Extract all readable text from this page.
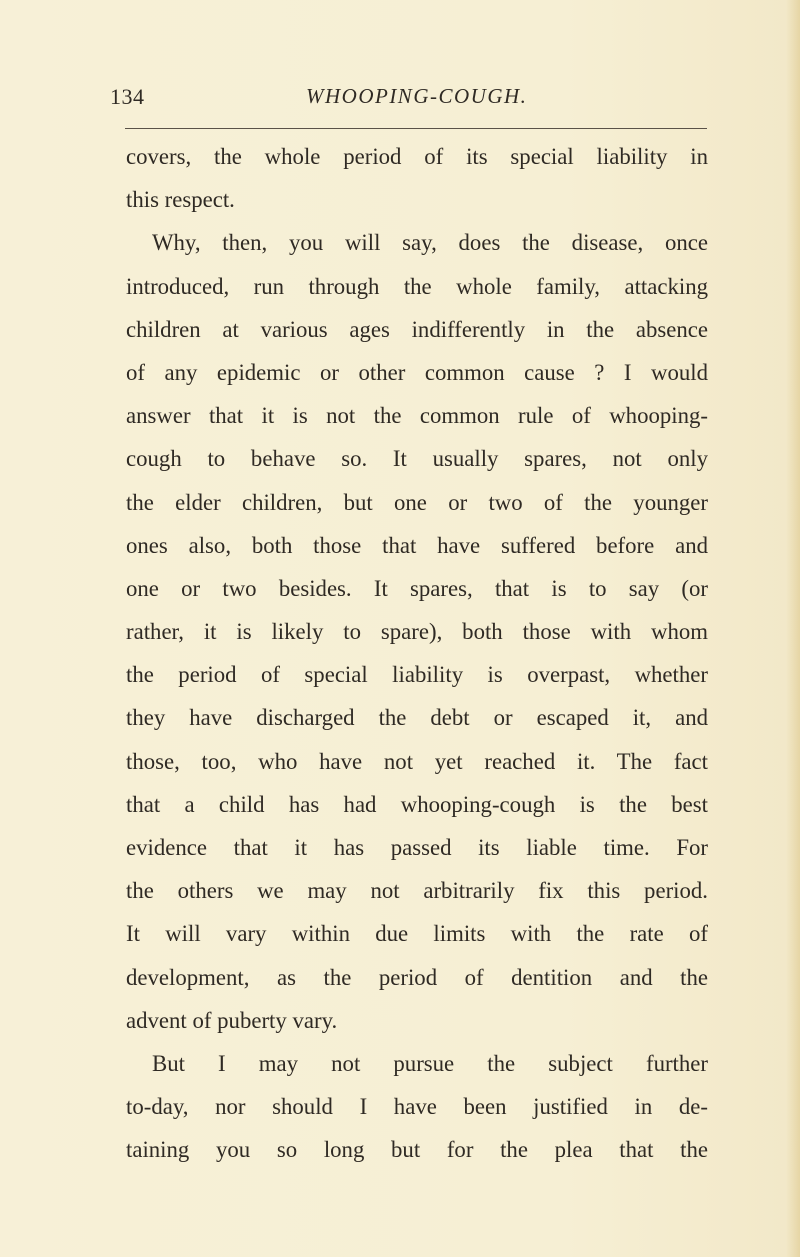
134	WHOOPING-COUGH.
covers, the whole period of its special liability in
this respect.
Why, then, you will say, does the disease, once
introduced, run through the whole family, attacking
children at various ages indifferently in the absence
of any epidemic or other common cause ? I would
answer that it is not the common rule of whooping-
cough to behave so. It usually spares, not only
the elder children, but one or two of the younger
ones also, both those that have suffered before and
one or two besides. It spares, that is to say (or
rather, it is likely to spare), both those with whom
the period of special liability is overpast, whether
they have discharged the debt or escaped it, and
those, too, who have not yet reached it. The fact
that a child has had whooping-cough is the best
evidence that it has passed its liable time. For
the others we may not arbitrarily fix this period.
It will vary within due limits with the rate of
development, as the period of dentition and the
advent of puberty vary.
But I may not pursue the subject further
to-day, nor should I have been justified in de-
taining you so long but for the plea that the
